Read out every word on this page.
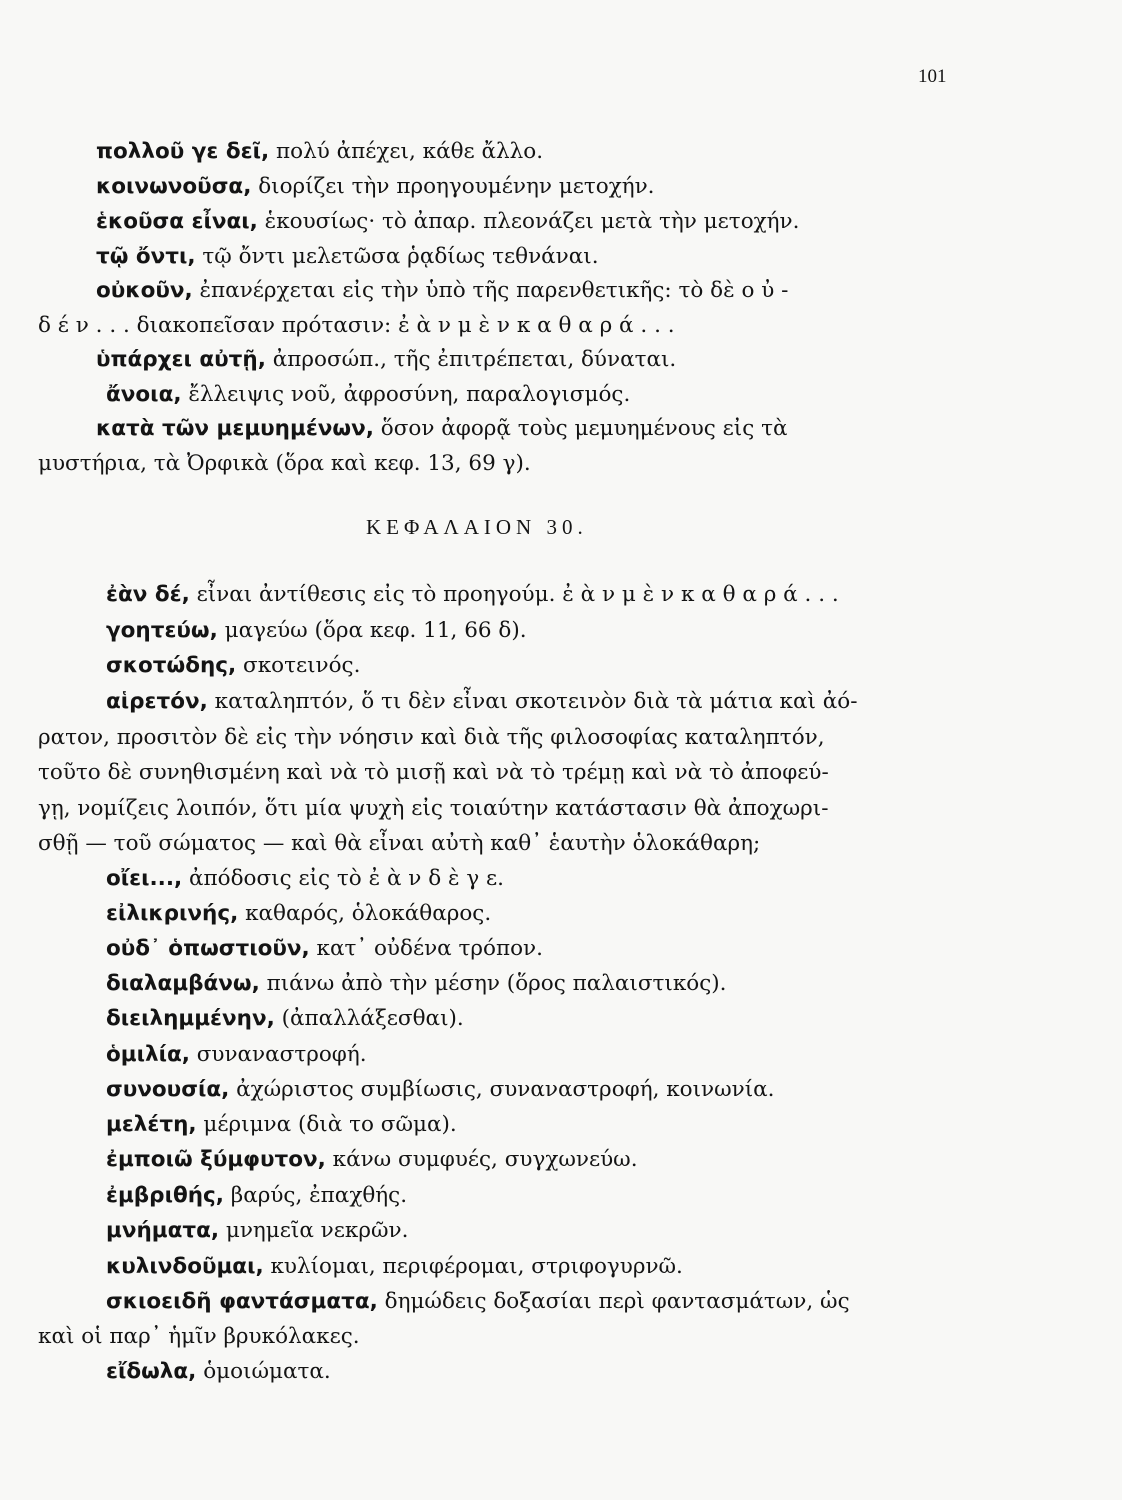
101
πολλοῦ γε δεῖ, πολύ ἀπέχει, κάθε ἄλλο.
κοινωνοῦσα, διορίζει τὴν προηγουμένην μετοχήν.
ἑκοῦσα εἶναι, ἑκουσίως· τὸ ἀπαρ. πλεονάζει μετὰ τὴν μετοχήν.
τῷ ὄντι, τῷ ὄντι μελετῶσα ῥᾳδίως τεθνάναι.
οὐκοῦν, ἐπανέρχεται εἰς τὴν ὑπὸ τῆς παρενθετικῆς: τὸ δὲ ο ὐ -
δ έ ν . . . διακοπεῖσαν πρότασιν: ἐ ὰ ν μ ὲ ν κ α θ α ρ ά . . .
ὑπάρχει αὐτῇ, ἀπροσώπ., τῆς ἐπιτρέπεται, δύναται.
ἄνοια, ἔλλειψις νοῦ, ἀφροσύνη, παραλογισμός.
κατὰ τῶν μεμυημένων, ὅσον ἀφορᾷ τοὺς μεμυημένους εἰς τὰ
μυστήρια, τὰ Ὀρφικὰ (ὅρα καὶ κεφ. 13, 69 γ).
ΚΕΦΑΛΑΙΟΝ 30.
ἐὰν δέ, εἶναι ἀντίθεσις εἰς τὸ προηγούμ. ἐ ὰ ν μ ὲ ν κ α θ α ρ ά . . .
γοητεύω, μαγεύω (ὅρα κεφ. 11, 66 δ).
σκοτώδης, σκοτεινός.
αἱρετόν, καταληπτόν, ὅ τι δὲν εἶναι σκοτεινὸν διὰ τὰ μάτια καὶ ἀό-
ρατον, προσιτὸν δὲ εἰς τὴν νόησιν καὶ διὰ τῆς φιλοσοφίας καταληπτόν,
τοῦτο δὲ συνηθισμένη καὶ νὰ τὸ μισῇ καὶ νὰ τὸ τρέμῃ καὶ νὰ τὸ ἀποφεύ-
γῃ, νομίζεις λοιπόν, ὅτι μία ψυχὴ εἰς τοιαύτην κατάστασιν θὰ ἀποχωρι-
σθῇ — τοῦ σώματος — καὶ θὰ εἶναι αὐτὴ καθ᾽ ἑαυτὴν ὁλοκάθαρη;
οἴει..., ἀπόδοσις εἰς τὸ ἐ ὰ ν δ ὲ γ ε.
εἰλικρινής, καθαρός, ὁλοκάθαρος.
οὐδ᾽ ὁπωστιοῦν, κατ᾽ οὐδένα τρόπον.
διαλαμβάνω, πιάνω ἀπὸ τὴν μέσην (ὅρος παλαιστικός).
διειλημμένην, (ἀπαλλάξεσθαι).
ὁμιλία, συναναστροφή.
συνουσία, ἀχώριστος συμβίωσις, συναναστροφή, κοινωνία.
μελέτη, μέριμνα (διὰ το σῶμα).
ἐμποιῶ ξύμφυτον, κάνω συμφυές, συγχωνεύω.
ἐμβριθής, βαρύς, ἐπαχθής.
μνήματα, μνημεῖα νεκρῶν.
κυλινδοῦμαι, κυλίομαι, περιφέρομαι, στριφογυρνῶ.
σκιοειδῆ φαντάσματα, δημώδεις δοξασίαι περὶ φαντασμάτων, ὡς
καὶ οἱ παρ᾽ ἡμῖν βρυκόλακες.
εἴδωλα, ὁμοιώματα.
